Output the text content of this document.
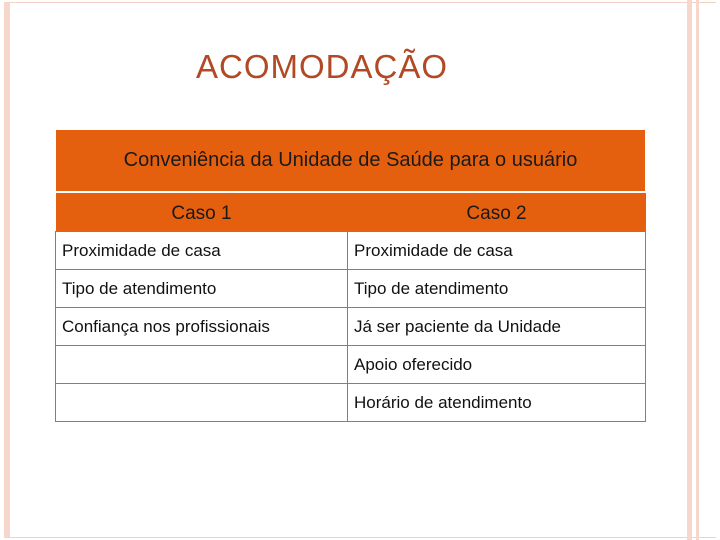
ACOMODAÇÃO
Conveniência da Unidade de Saúde para o usuário	
Caso 1	Caso 2
Proximidade de casa	Proximidade de casa
Tipo de atendimento	Tipo de atendimento
Confiança nos profissionais	Já ser paciente da Unidade
	Apoio oferecido
	Horário de atendimento
